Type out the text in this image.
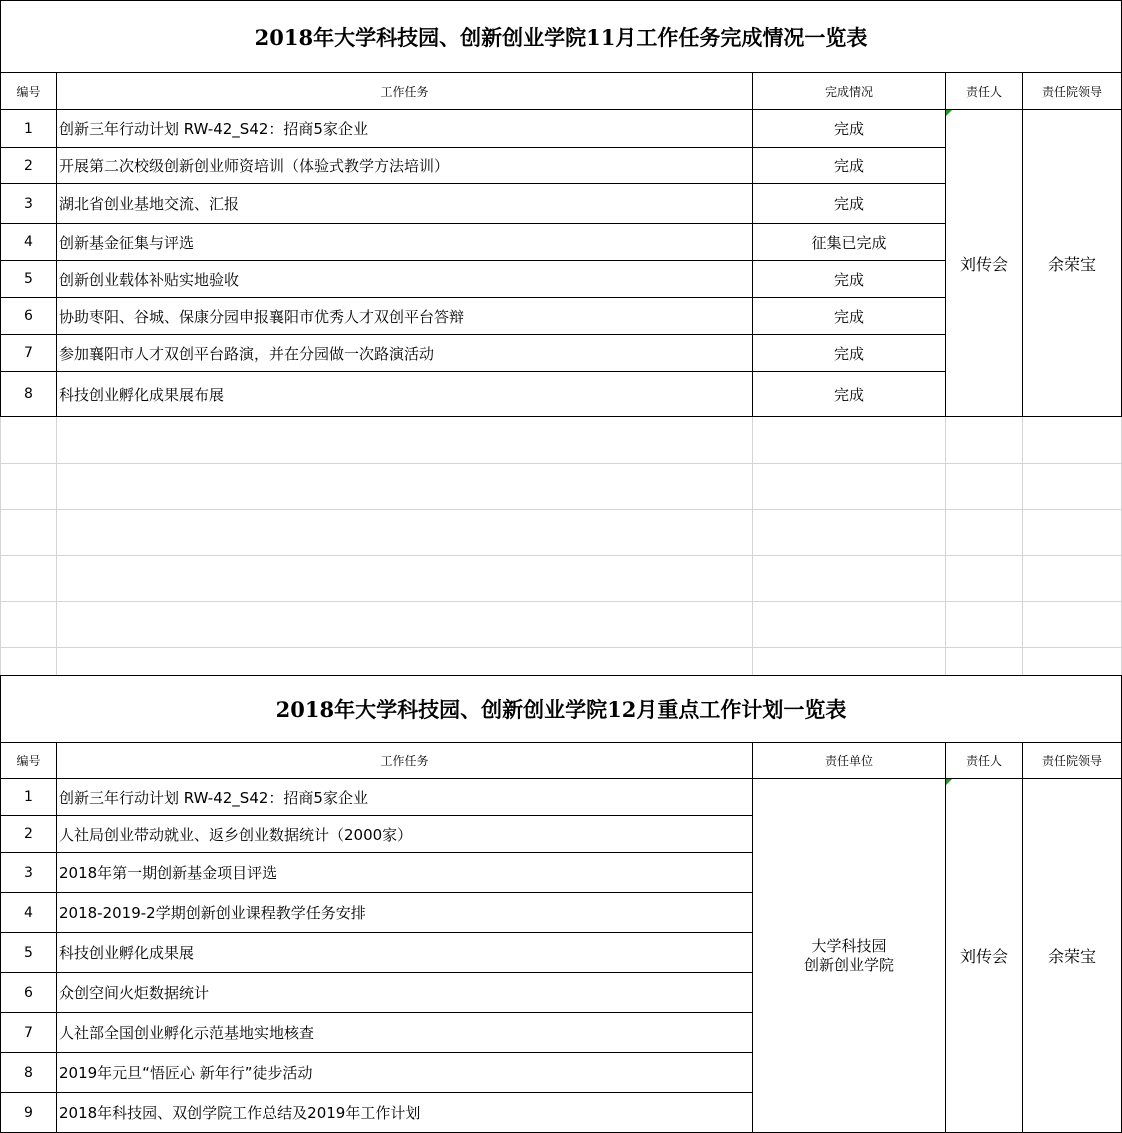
2018年大学科技园、创新创业学院11月工作任务完成情况一览表
编号	工作任务	完成情况	责任人	责任院领导
1	创新三年行动计划 RW-42_S42：招商5家企业	完成
2	开展第二次校级创新创业师资培训（体验式教学方法培训）	完成
3	湖北省创业基地交流、汇报	完成
4	创新基金征集与评选	征集已完成
5	创新创业载体补贴实地验收	完成
6	协助枣阳、谷城、保康分园申报襄阳市优秀人才双创平台答辩	完成
7	参加襄阳市人才双创平台路演，并在分园做一次路演活动	完成
8	科技创业孵化成果展布展	完成
刘传会	余荣宝
2018年大学科技园、创新创业学院12月重点工作计划一览表
编号	工作任务	责任单位	责任人	责任院领导
1	创新三年行动计划 RW-42_S42：招商5家企业
2	人社局创业带动就业、返乡创业数据统计（2000家）
3	2018年第一期创新基金项目评选
4	2018-2019-2学期创新创业课程教学任务安排
5	科技创业孵化成果展
6	众创空间火炬数据统计
7	人社部全国创业孵化示范基地实地核查
8	2019年元旦“悟匠心 新年行”徒步活动
9	2018年科技园、双创学院工作总结及2019年工作计划
大学科技园
创新创业学院	刘传会	余荣宝
